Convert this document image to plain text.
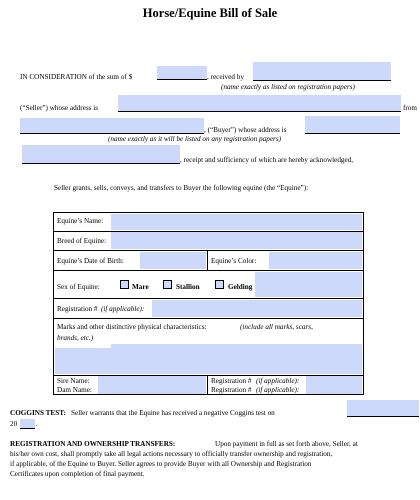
Horse/Equine Bill of Sale
IN CONSIDERATION of the sum of $	, received by
(name exactly as listed on registration papers)
(“Seller”) whose address is	from
, (“Buyer”) whose address is
(name exactly as it will be listed on any registration papers)
, receipt and sufficiency of which are hereby acknowledged,
Seller grants, sells, conveys, and transfers to Buyer the following equine (the “Equine”):
Equine’s Name:
Breed of Equine:
Equine’s Date of Birth:	Equine’s Color:
Sex of Equine:	Mare	Stallion	Gelding
Registration # (if applicable):
Marks and other distinctive physical characteristics:	(include all marks, scars,
brands, etc.)
Sire Name:	Registration # (if applicable):
Dam Name:	Registration # (if applicable):
COGGINS TEST: Seller warrants that the Equine has received a negative Coggins test on
20	.
REGISTRATION AND OWNERSHIP TRANSFERS:	Upon payment in full as set forth above, Seller, at
his/her own cost, shall promptly take all legal actions necessary to officially transfer ownership and registration,
if applicable, of the Equine to Buyer. Seller agrees to provide Buyer with all Ownership and Registration
Certificates upon completion of final payment.
